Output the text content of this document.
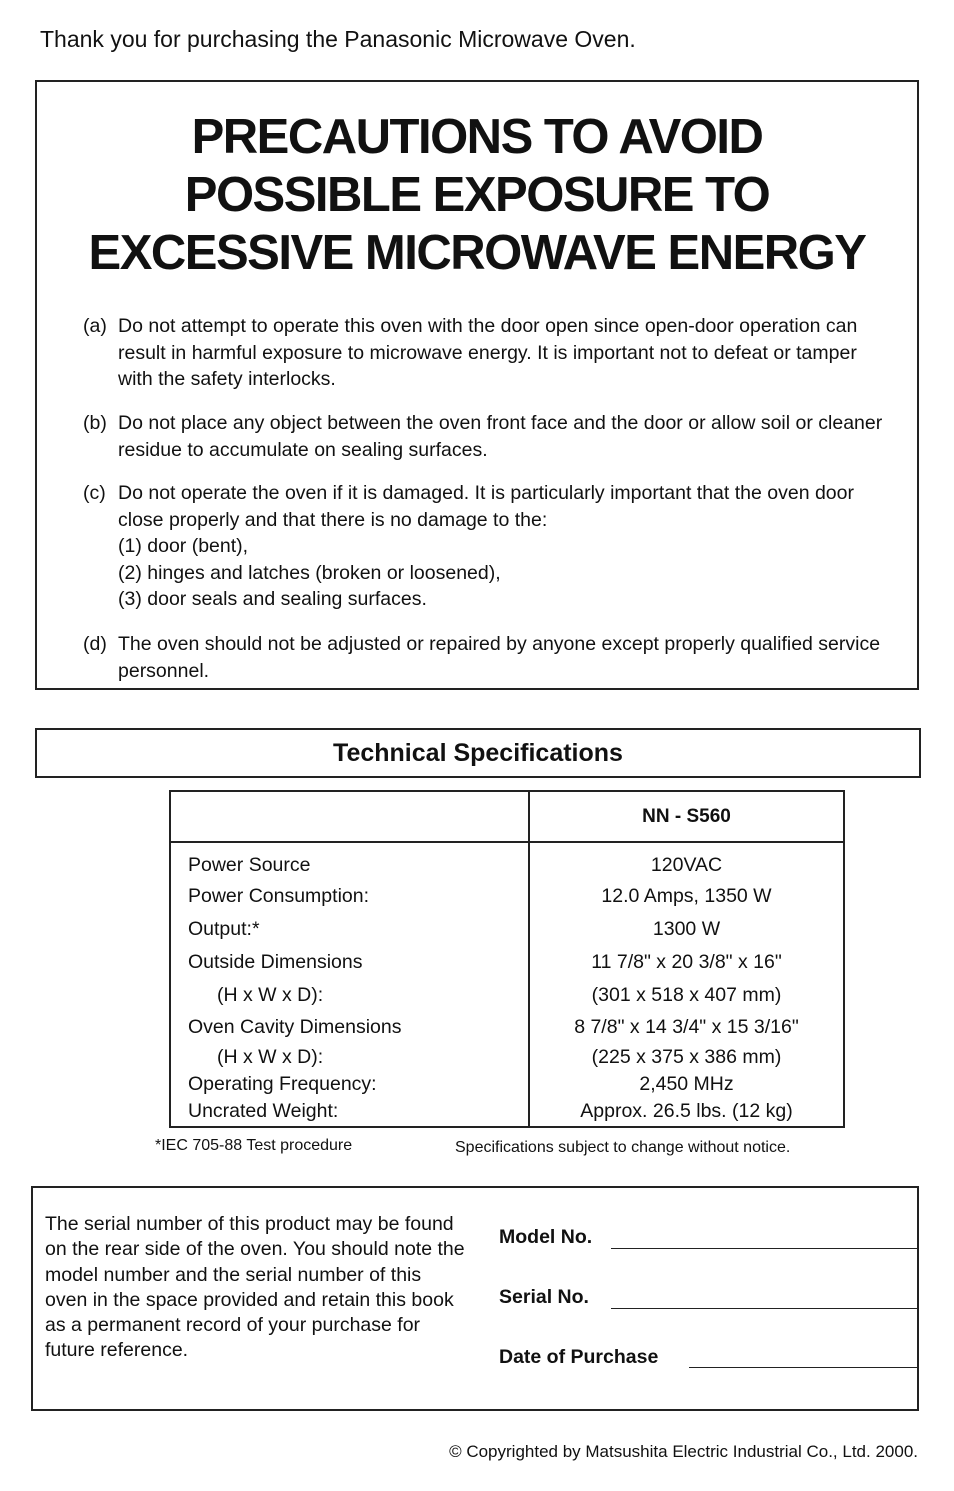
Thank you for purchasing the Panasonic Microwave Oven.
PRECAUTIONS TO AVOID
POSSIBLE EXPOSURE TO
EXCESSIVE MICROWAVE ENERGY
(a) Do not attempt to operate this oven with the door open since open-door operation can result in harmful exposure to microwave energy. It is important not to defeat or tamper with the safety interlocks.
(b) Do not place any object between the oven front face and the door or allow soil or cleaner residue to accumulate on sealing surfaces.
(c) Do not operate the oven if it is damaged. It is particularly important that the oven door close properly and that there is no damage to the:
(1) door (bent),
(2) hinges and latches (broken or loosened),
(3) door seals and sealing surfaces.
(d) The oven should not be adjusted or repaired by anyone except properly qualified service personnel.
Technical Specifications
NN - S560
Power Source	120VAC
Power Consumption:	12.0 Amps, 1350 W
Output:*	1300 W
Outside Dimensions	11 7/8" x 20 3/8" x 16"
(H x W x D):	(301 x 518 x 407 mm)
Oven Cavity Dimensions	8 7/8" x 14 3/4" x 15 3/16"
(H x W x D):	(225 x 375 x 386 mm)
Operating Frequency:	2,450 MHz
Uncrated Weight:	Approx. 26.5 lbs. (12 kg)
*IEC 705-88 Test procedure	Specifications subject to change without notice.
The serial number of this product may be found on the rear side of the oven. You should note the model number and the serial number of this oven in the space provided and retain this book as a permanent record of your purchase for future reference.
Model No.
Serial No.
Date of Purchase
© Copyrighted by Matsushita Electric Industrial Co., Ltd. 2000.
